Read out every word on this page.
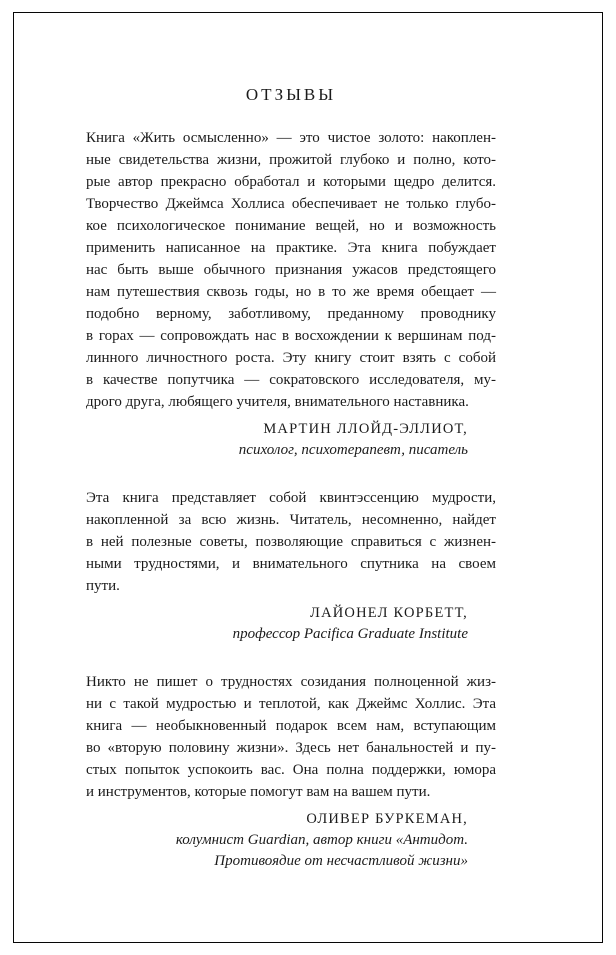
ОТЗЫВЫ
Книга «Жить осмысленно» — это чистое золото: накоплен-
ные свидетельства жизни, прожитой глубоко и полно, кото-
рые автор прекрасно обработал и которыми щедро делится.
Творчество Джеймса Холлиса обеспечивает не только глубо-
кое психологическое понимание вещей, но и возможность
применить написанное на практике. Эта книга побуждает
нас быть выше обычного признания ужасов предстоящего
нам путешествия сквозь годы, но в то же время обещает —
подобно верному, заботливому, преданному проводнику
в горах — сопровождать нас в восхождении к вершинам под-
линного личностного роста. Эту книгу стоит взять с собой
в качестве попутчика — сократовского исследователя, му-
дрого друга, любящего учителя, внимательного наставника.
МАРТИН ЛЛОЙД-ЭЛЛИОТ,
психолог, психотерапевт, писатель
Эта книга представляет собой квинтэссенцию мудрости,
накопленной за всю жизнь. Читатель, несомненно, найдет
в ней полезные советы, позволяющие справиться с жизнен-
ными трудностями, и внимательного спутника на своем
пути.
ЛАЙОНЕЛ КОРБЕТТ,
профессор Pacifica Graduate Institute
Никто не пишет о трудностях созидания полноценной жиз-
ни с такой мудростью и теплотой, как Джеймс Холлис. Эта
книга — необыкновенный подарок всем нам, вступающим
во «вторую половину жизни». Здесь нет банальностей и пу-
стых попыток успокоить вас. Она полна поддержки, юмора
и инструментов, которые помогут вам на вашем пути.
ОЛИВЕР БУРКЕМАН,
колумнист Guardian, автор книги «Антидот.
Противоядие от несчастливой жизни»
